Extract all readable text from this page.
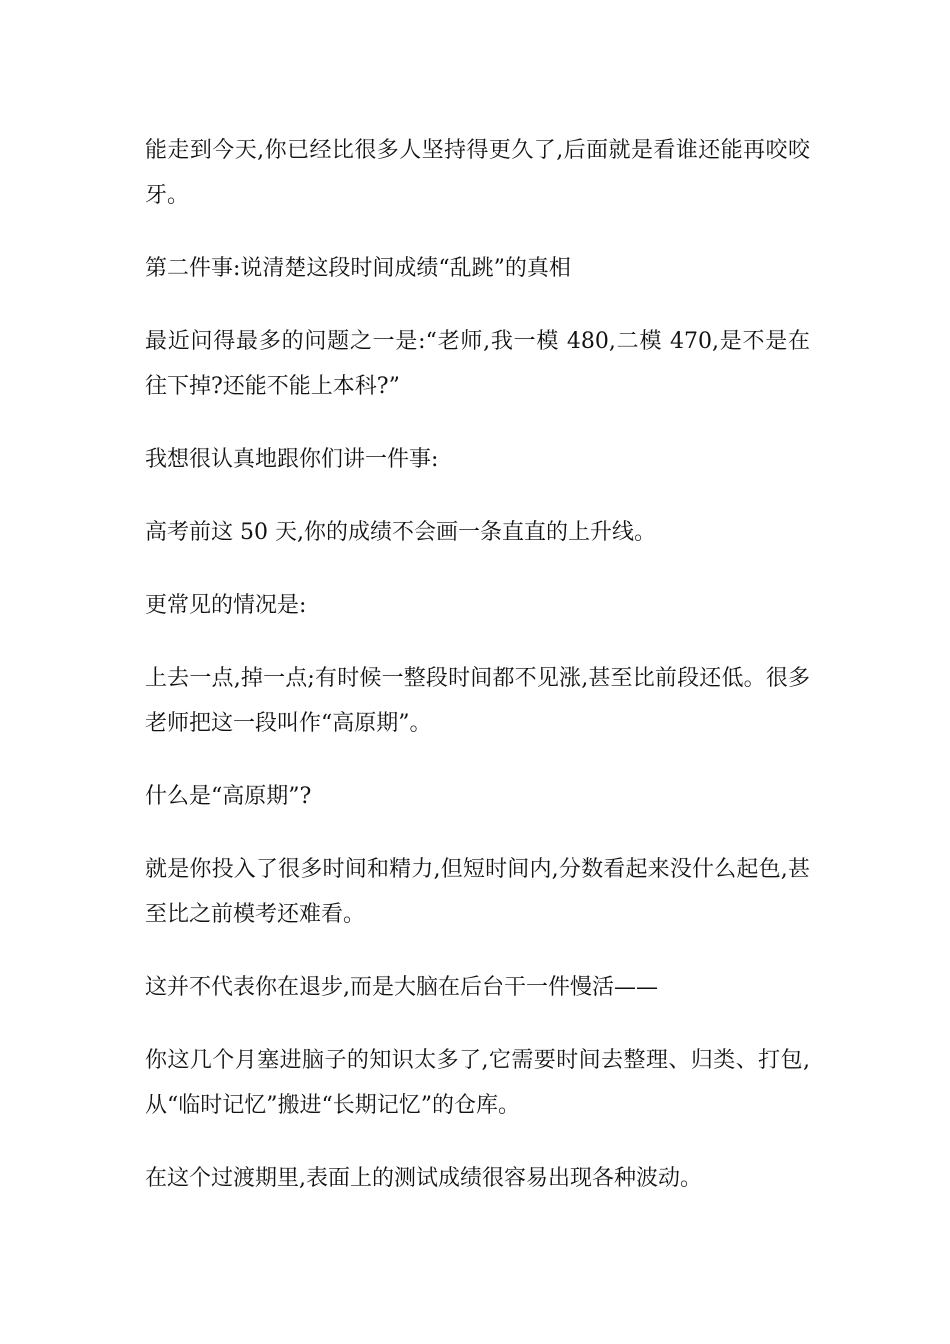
能走到今天,你已经比很多人坚持得更久了,后面就是看谁还能再咬咬牙。

第二件事:说清楚这段时间成绩“乱跳”的真相

最近问得最多的问题之一是:“老师,我一模 480,二模 470,是不是在往下掉?还能不能上本科?”

我想很认真地跟你们讲一件事:

高考前这 50 天,你的成绩不会画一条直直的上升线。

更常见的情况是:

上去一点,掉一点;有时候一整段时间都不见涨,甚至比前段还低。很多老师把这一段叫作“高原期”。

什么是“高原期”?

就是你投入了很多时间和精力,但短时间内,分数看起来没什么起色,甚至比之前模考还难看。

这并不代表你在退步,而是大脑在后台干一件慢活——

你这几个月塞进脑子的知识太多了,它需要时间去整理、归类、打包,从“临时记忆”搬进“长期记忆”的仓库。

在这个过渡期里,表面上的测试成绩很容易出现各种波动。
